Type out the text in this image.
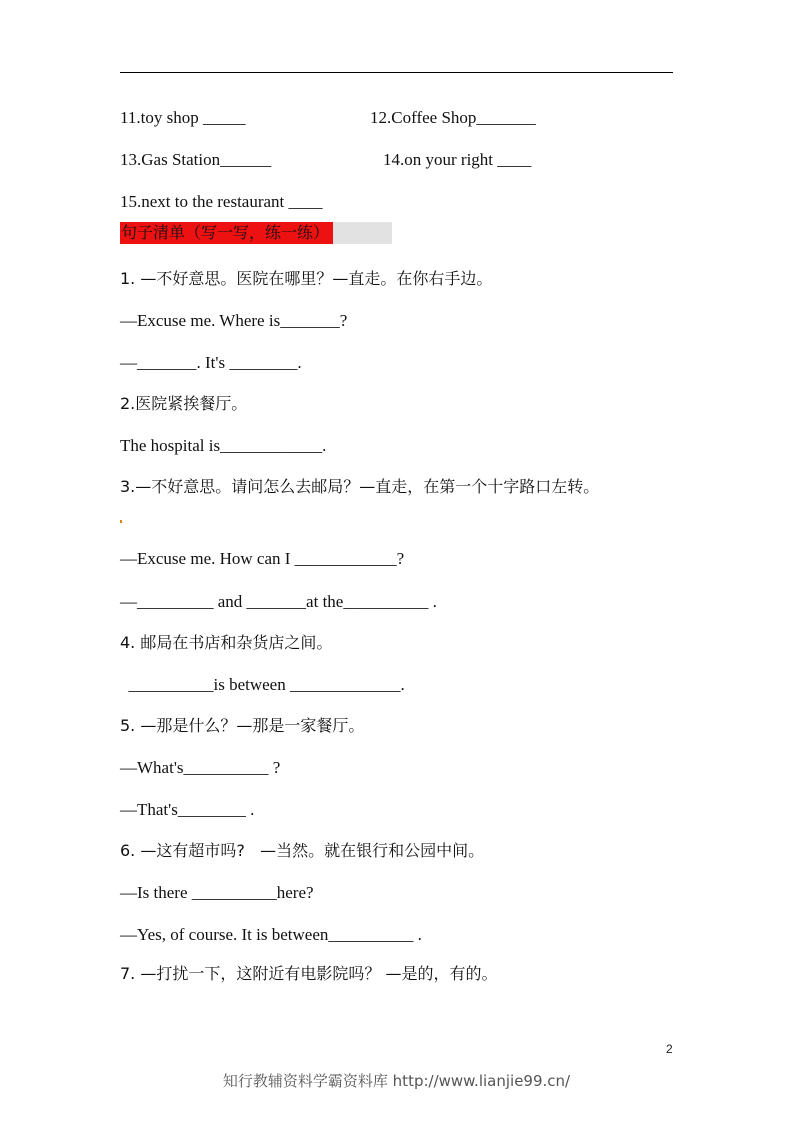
11.toy shop _____	12.Coffee Shop_______
13.Gas Station______	14.on your right ____
15.next to the restaurant ____
句子清单（写一写，练一练）
1. —不好意思。医院在哪里？—直走。在你右手边。
—Excuse me. Where is_______?
—_______. It's ________.
2.医院紧挨餐厅。
The hospital is____________.
3.—不好意思。请问怎么去邮局？—直走，在第一个十字路口左转。
—Excuse me. How can I ____________?
—_________ and _______at the__________ .
4. 邮局在书店和杂货店之间。
__________is between _____________.
5. —那是什么？—那是一家餐厅。
—What's__________ ?
—That's________ .
6. —这有超市吗?   —当然。就在银行和公园中间。
—Is there __________here?
—Yes, of course. It is between__________ .
7. —打扰一下，这附近有电影院吗？ —是的，有的。
2
知行教辅资料学霸资料库 http://www.lianjie99.cn/
